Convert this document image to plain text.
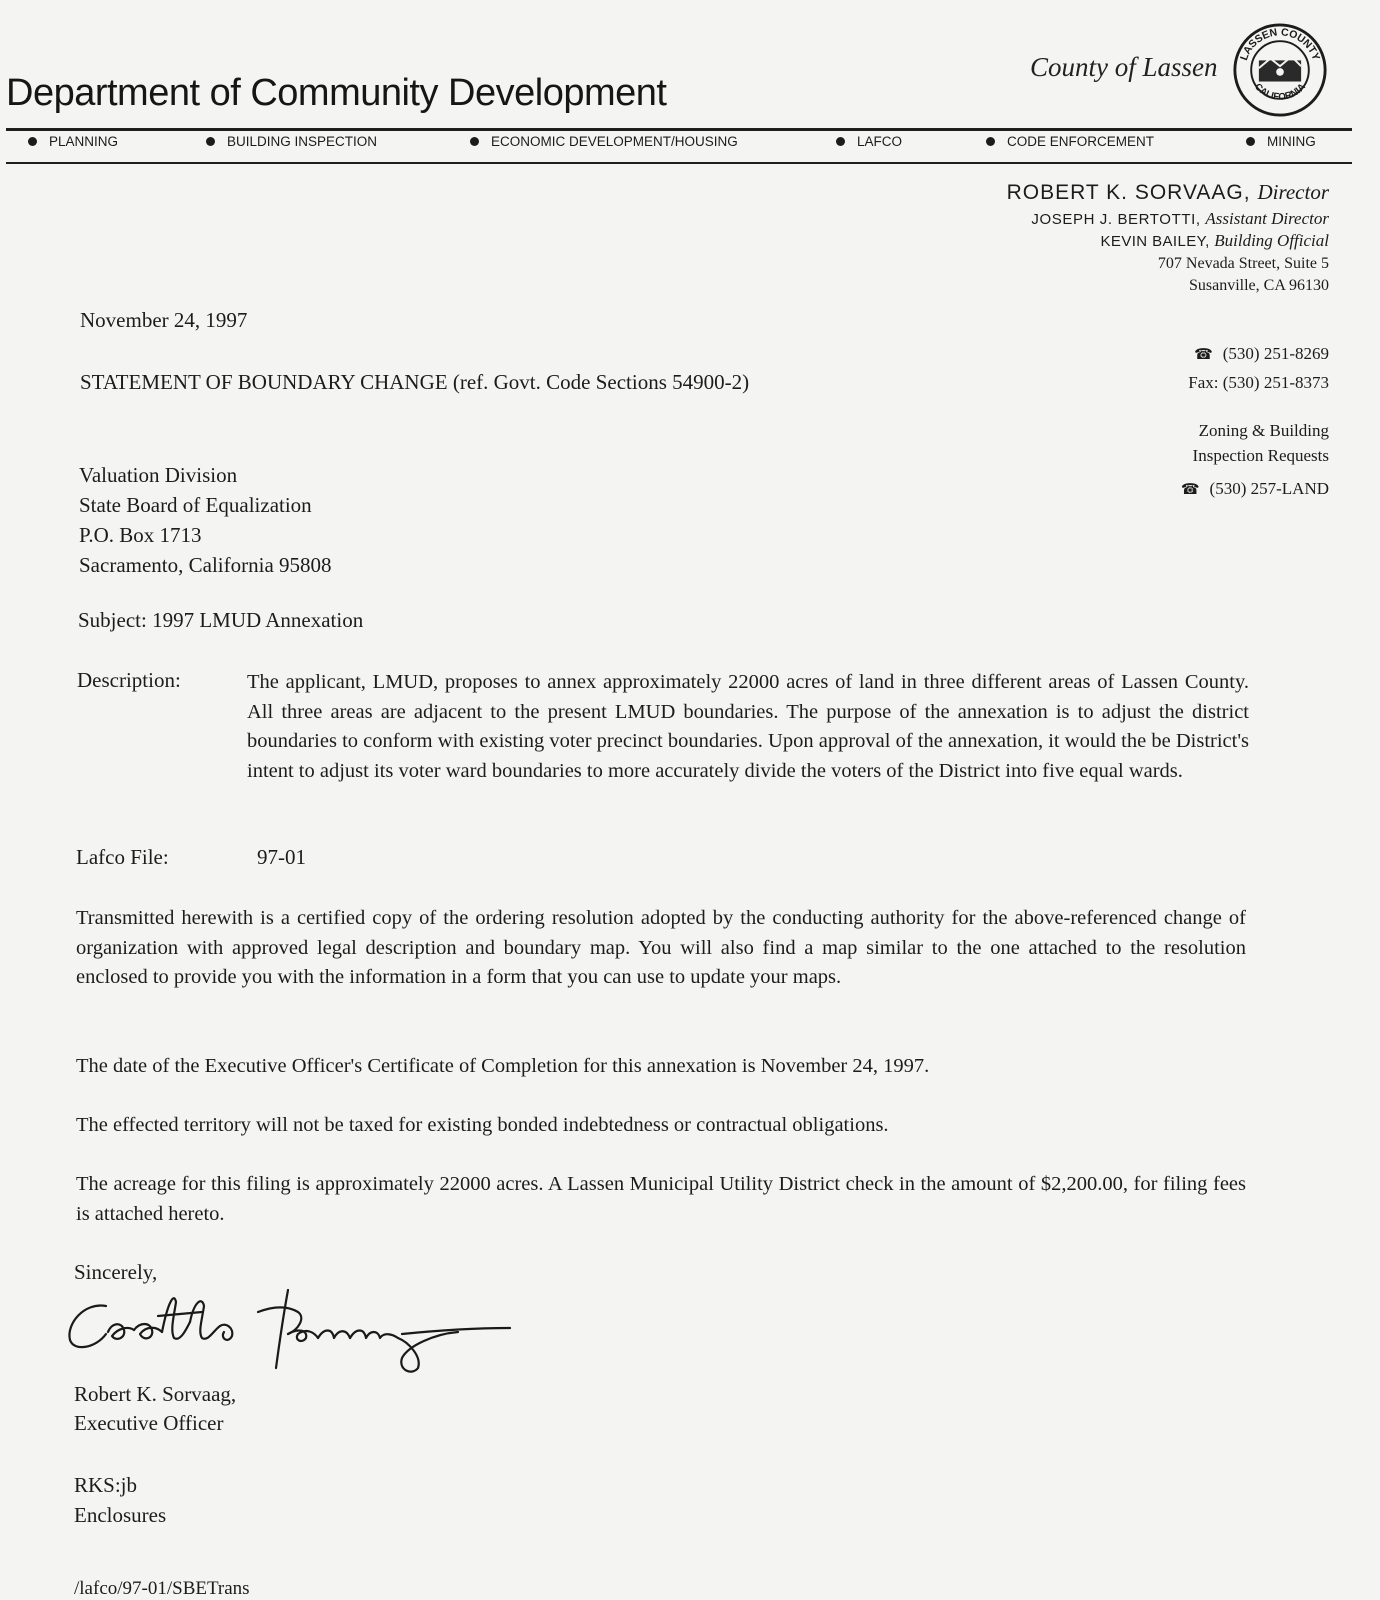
Department of Community Development
County of Lassen LASSEN COUNTY
CALIFORNIA
PLANNING	BUILDING INSPECTION	ECONOMIC DEVELOPMENT/HOUSING	LAFCO	CODE ENFORCEMENT	MINING
ROBERT K. SORVAAG, Director
JOSEPH J. BERTOTTI, Assistant Director
KEVIN BAILEY, Building Official
707 Nevada Street, Suite 5
Susanville, CA 96130
☎ (530) 251-8269
Fax: (530) 251-8373
Zoning & Building
Inspection Requests
☎ (530) 257-LAND
November 24, 1997
STATEMENT OF BOUNDARY CHANGE (ref. Govt. Code Sections 54900-2)
Valuation Division
State Board of Equalization
P.O. Box 1713
Sacramento, California 95808
Subject: 1997 LMUD Annexation
Description:	The applicant, LMUD, proposes to annex approximately 22000 acres of land in three different areas of Lassen County. All three areas are adjacent to the present LMUD boundaries. The purpose of the annexation is to adjust the district boundaries to conform with existing voter precinct boundaries. Upon approval of the annexation, it would the be District's intent to adjust its voter ward boundaries to more accurately divide the voters of the District into five equal wards.
Lafco File:	97-01
Transmitted herewith is a certified copy of the ordering resolution adopted by the conducting authority for the above-referenced change of organization with approved legal description and boundary map. You will also find a map similar to the one attached to the resolution enclosed to provide you with the information in a form that you can use to update your maps.
The date of the Executive Officer's Certificate of Completion for this annexation is November 24, 1997.
The effected territory will not be taxed for existing bonded indebtedness or contractual obligations.
The acreage for this filing is approximately 22000 acres. A Lassen Municipal Utility District check in the amount of $2,200.00, for filing fees is attached hereto.
Sincerely,
Robert K. Sorvaag,
Executive Officer
RKS:jb
Enclosures
/lafco/97-01/SBETrans
